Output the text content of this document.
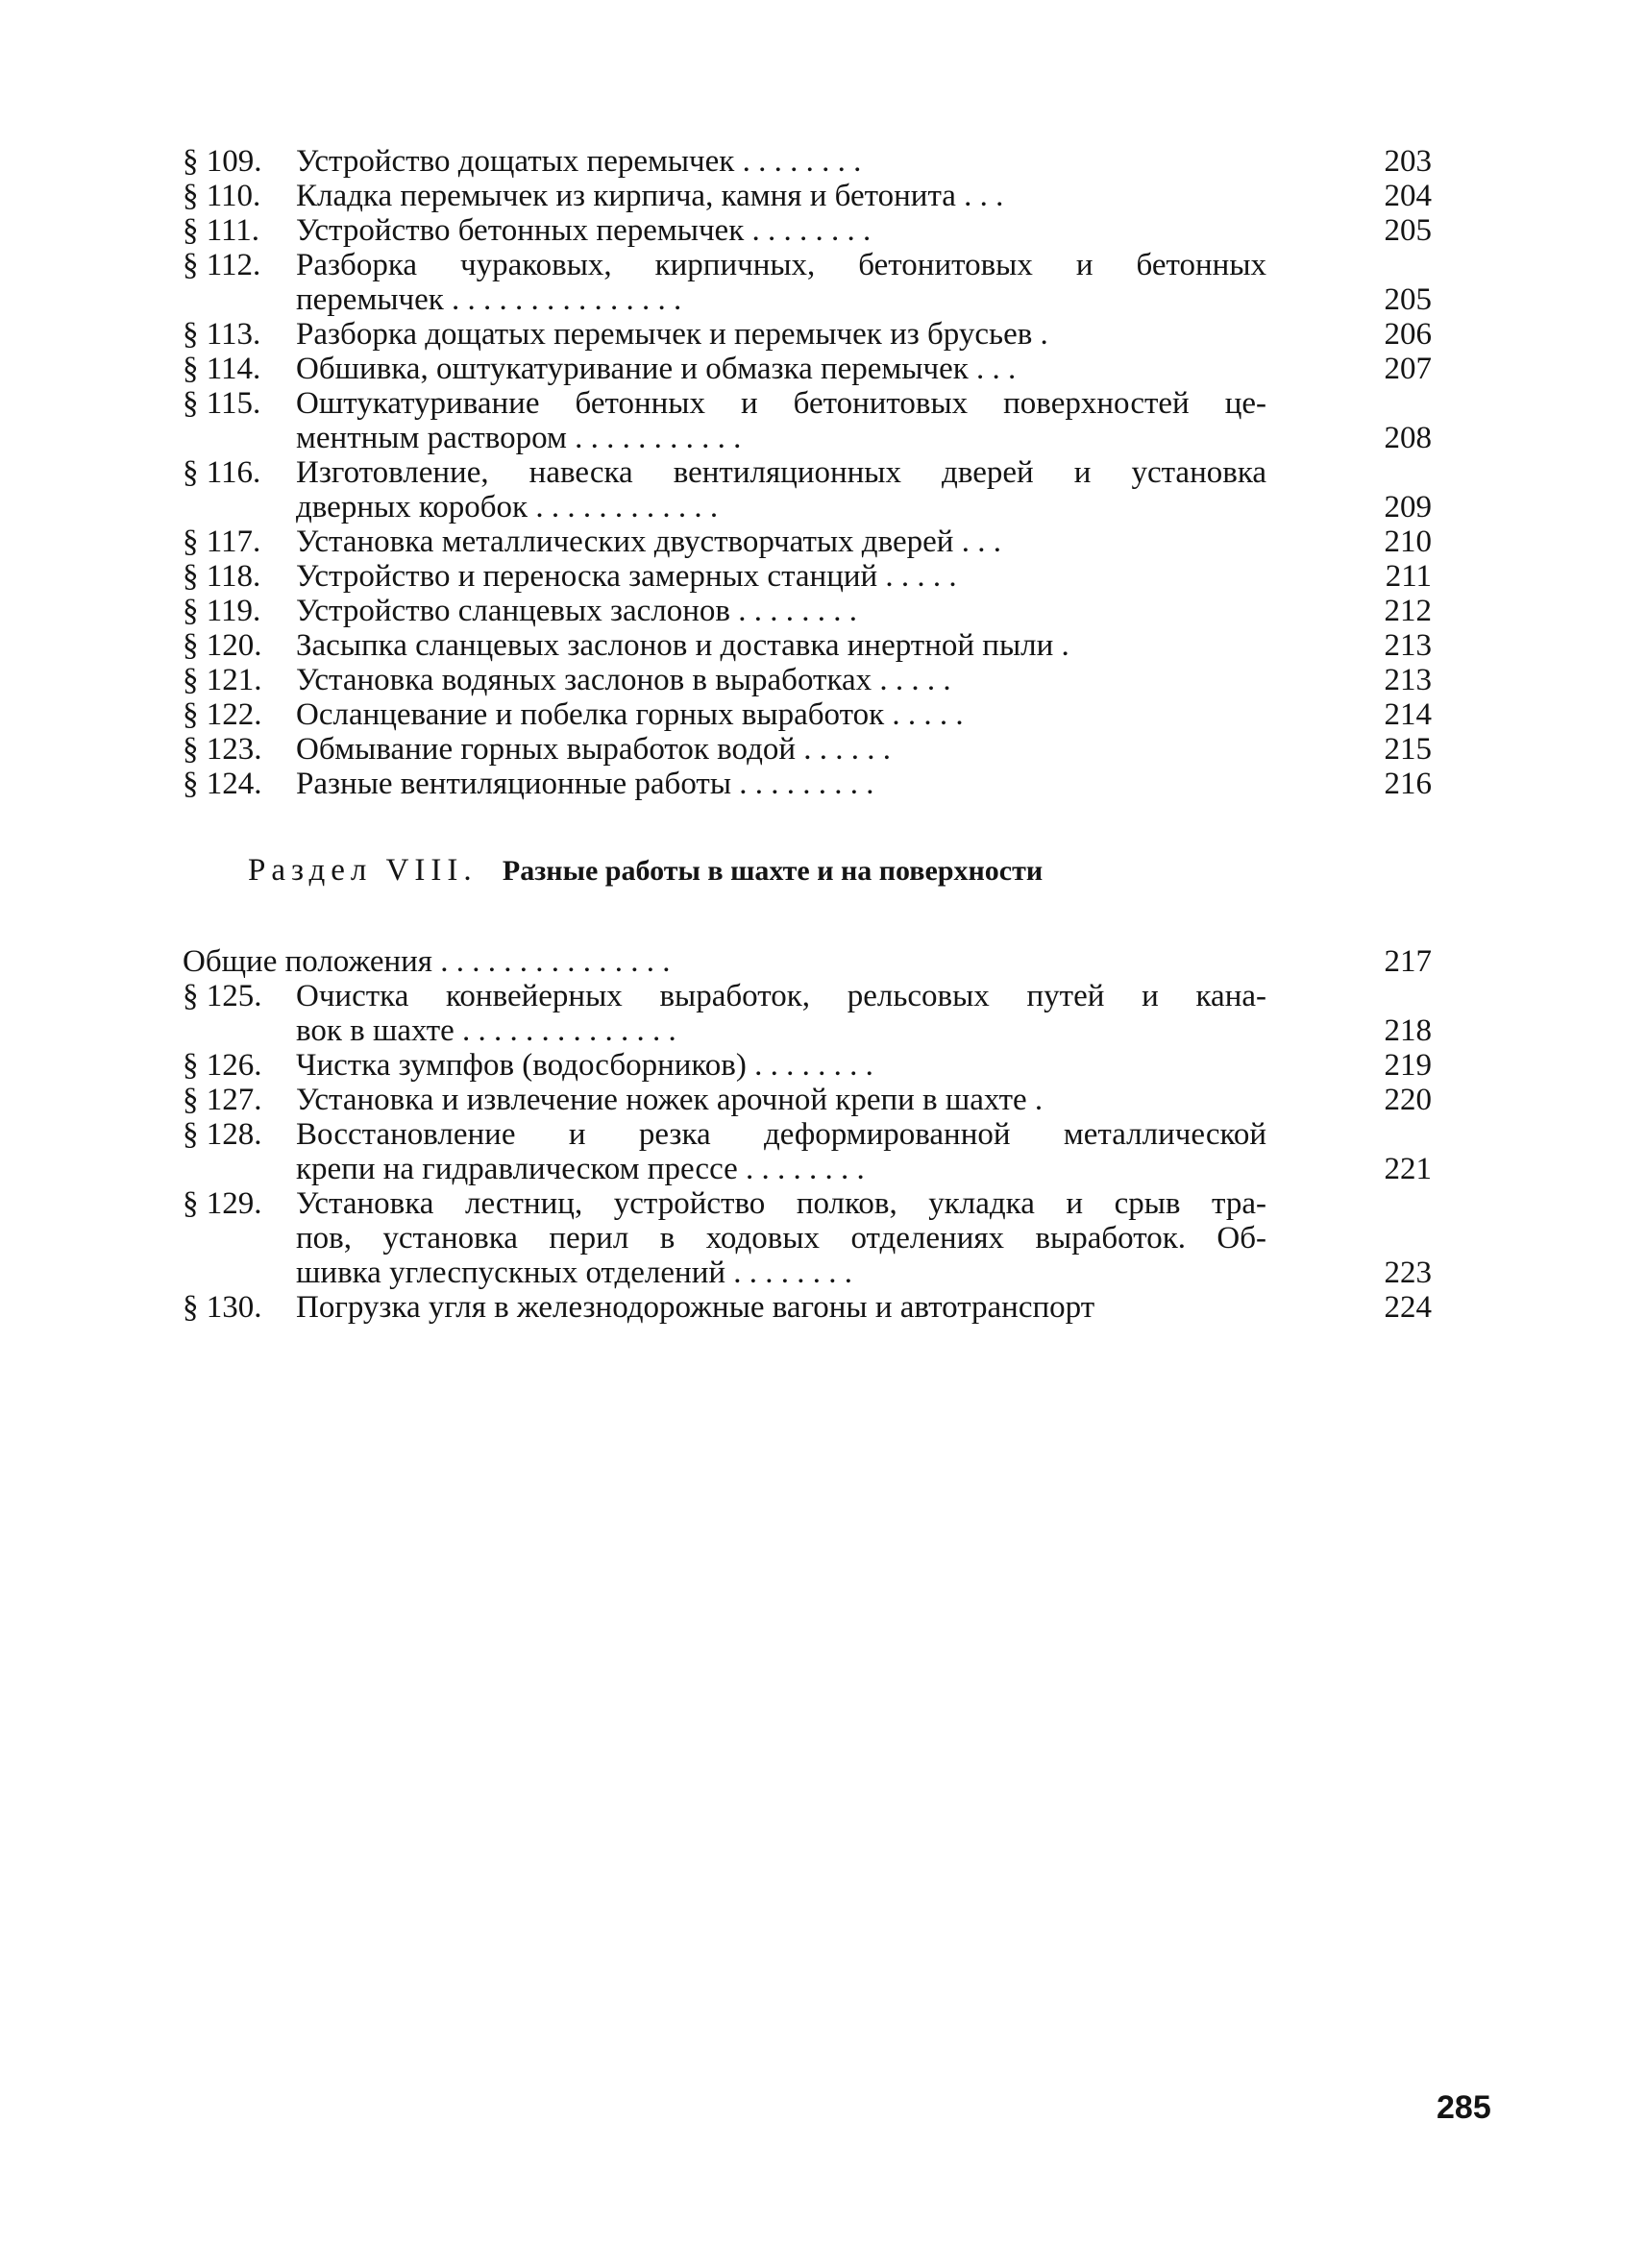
§ 109.	Устройство дощатых перемычек . . . . . . . .	203
§ 110.	Кладка перемычек из кирпича, камня и бетонита . . .	204
§ 111.	Устройство бетонных перемычек . . . . . . . .	205
§ 112.	Разборка чураковых, кирпичных, бетонитовых и бетонных
перемычек . . . . . . . . . . . . . . .	205
§ 113.	Разборка дощатых перемычек и перемычек из брусьев .	206
§ 114.	Обшивка, оштукатуривание и обмазка перемычек . . .	207
§ 115.	Оштукатуривание бетонных и бетонитовых поверхностей це-
ментным раствором . . . . . . . . . . .	208
§ 116.	Изготовление, навеска вентиляционных дверей и установка
дверных коробок . . . . . . . . . . . .	209
§ 117.	Установка металлических двустворчатых дверей . . .	210
§ 118.	Устройство и переноска замерных станций . . . . .	211
§ 119.	Устройство сланцевых заслонов . . . . . . . .	212
§ 120.	Засыпка сланцевых заслонов и доставка инертной пыли .	213
§ 121.	Установка водяных заслонов в выработках . . . . .	213
§ 122.	Осланцевание и побелка горных выработок . . . . .	214
§ 123.	Обмывание горных выработок водой . . . . . .	215
§ 124.	Разные вентиляционные работы . . . . . . . . .	216
Раздел VIII. Разные работы в шахте и на поверхности
Общие положения . . . . . . . . . . . . . . .	217
§ 125.	Очистка конвейерных выработок, рельсовых путей и кана-
вок в шахте . . . . . . . . . . . . . .	218
§ 126.	Чистка зумпфов (водосборников) . . . . . . . .	219
§ 127.	Установка и извлечение ножек арочной крепи в шахте .	220
§ 128.	Восстановление и резка деформированной металлической
крепи на гидравлическом прессе . . . . . . . .	221
§ 129.	Установка лестниц, устройство полков, укладка и срыв тра-
пов, установка перил в ходовых отделениях выработок. Об-
шивка углеспускных отделений . . . . . . . .	223
§ 130.	Погрузка угля в железнодорожные вагоны и автотранспорт	224
285
